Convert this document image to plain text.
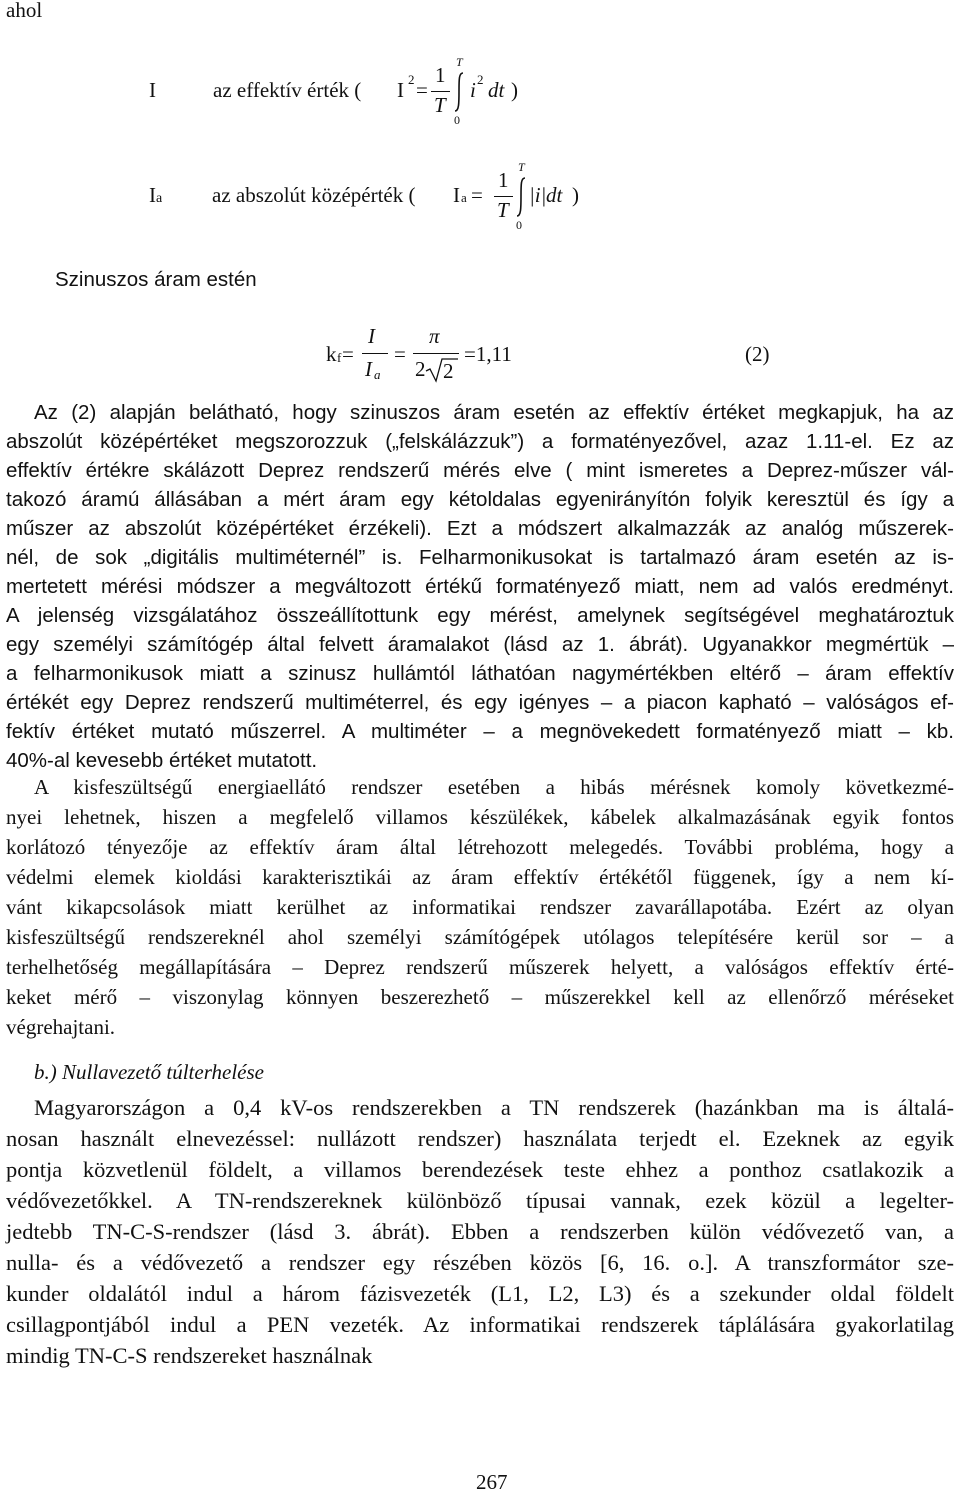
ahol
I	az effektív érték ( I 2 =
1
T
T
0
i 2 dt )
I a az abszolút középérték ( I a =
1
T
T
0
|i| dt )
Szinuszos áram estén
k f =
I
I a
=
π
2 2
=1,11	(2)
Az (2) alapján belátható, hogy szinuszos áram esetén az effektív értéket megkapjuk, ha az
abszolút középértéket megszorozzuk („felskálázzuk”) a formatényezővel, azaz 1.11-el. Ez az
effektív értékre skálázott Deprez rendszerű mérés elve ( mint ismeretes a Deprez-műszer vál-
takozó áramú állásában a mért áram egy kétoldalas egyenirányítón folyik keresztül és így a
műszer az abszolút középértéket érzékeli). Ezt a módszert alkalmazzák az analóg műszerek-
nél, de sok „digitális multiméternél” is. Felharmonikusokat is tartalmazó áram esetén az is-
mertetett mérési módszer a megváltozott értékű formatényező miatt, nem ad valós eredményt.
A jelenség vizsgálatához összeállítottunk egy mérést, amelynek segítségével meghatároztuk
egy személyi számítógép által felvett áramalakot (lásd az 1. ábrát). Ugyanakkor megmértük –
a felharmonikusok miatt a szinusz hullámtól láthatóan nagymértékben eltérő – áram effektív
értékét egy Deprez rendszerű multiméterrel, és egy igényes – a piacon kapható – valóságos ef-
fektív értéket mutató műszerrel. A multiméter – a megnövekedett formatényező miatt – kb.
40%-al kevesebb értéket mutatott.
A kisfeszültségű energiaellátó rendszer esetében a hibás mérésnek komoly következmé-
nyei lehetnek, hiszen a megfelelő villamos készülékek, kábelek alkalmazásának egyik fontos
korlátozó tényezője az effektív áram által létrehozott melegedés. További probléma, hogy a
védelmi elemek kioldási karakterisztikái az áram effektív értékétől függenek, így a nem kí-
vánt kikapcsolások miatt kerülhet az informatikai rendszer zavarállapotába. Ezért az olyan
kisfeszültségű rendszereknél ahol személyi számítógépek utólagos telepítésére kerül sor – a
terhelhetőség megállapítására – Deprez rendszerű műszerek helyett, a valóságos effektív érté-
keket mérő – viszonylag könnyen beszerezhető – műszerekkel kell az ellenőrző méréseket
végrehajtani.
b.) Nullavezető túlterhelése
Magyarországon a 0,4 kV-os rendszerekben a TN rendszerek (hazánkban ma is általá-
nosan használt elnevezéssel: nullázott rendszer) használata terjedt el. Ezeknek az egyik
pontja közvetlenül földelt, a villamos berendezések teste ehhez a ponthoz csatlakozik a
védővezetőkkel. A TN-rendszereknek különböző típusai vannak, ezek közül a legelter-
jedtebb TN-C-S-rendszer (lásd 3. ábrát). Ebben a rendszerben külön védővezető van, a
nulla- és a védővezető a rendszer egy részében közös [6, 16. o.]. A transzformátor sze-
kunder oldalától indul a három fázisvezeték (L1, L2, L3) és a szekunder oldal földelt
csillagpontjából indul a PEN vezeték. Az informatikai rendszerek táplálására gyakorlatilag
mindig TN-C-S rendszereket használnak
267
